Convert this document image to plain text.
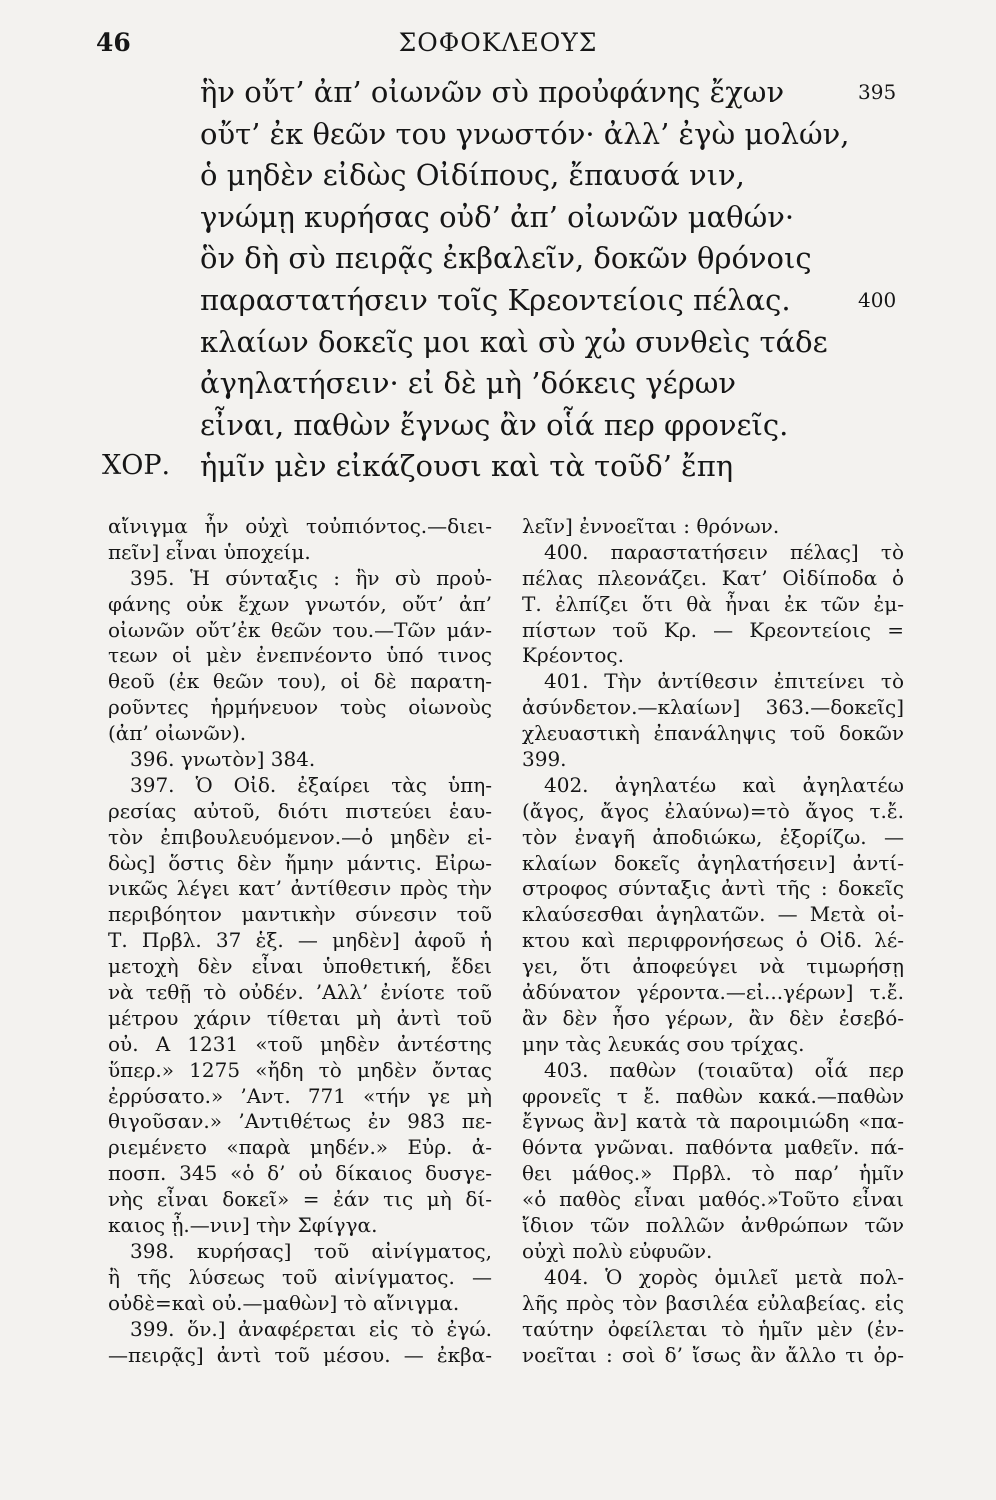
46	ΣΟΦΟΚΛΕΟΥΣ
ἣν οὔτ’ ἀπ’ οἰωνῶν σὺ προὐφάνης ἔχων	395
οὔτ’ ἐκ θεῶν του γνωστόν· ἀλλ’ ἐγὼ μολών,
ὁ μηδὲν εἰδὼς Οἰδίπους, ἔπαυσά νιν,
γνώμῃ κυρήσας οὐδ’ ἀπ’ οἰωνῶν μαθών·
ὃν δὴ σὺ πειρᾷς ἐκβαλεῖν, δοκῶν θρόνοις
παραστατήσειν τοῖς Κρεοντείοις πέλας.	400
κλαίων δοκεῖς μοι καὶ σὺ χὠ συνθεὶς τάδε
ἀγηλατήσειν· εἰ δὲ μὴ ’δόκεις γέρων
εἶναι, παθὼν ἔγνως ἂν οἷά περ φρονεῖς.
ἡμῖν μὲν εἰκάζουσι καὶ τὰ τοῦδ’ ἔπη
ΧΟΡ.
αἴνιγμα ἦν οὐχὶ τοὐπιόντος.—διει-
πεῖν] εἶναι ὑποχείμ.
395. Ἡ σύνταξις : ἣν σὺ προὐ-
φάνης οὐκ ἔχων γνωτόν, οὔτ’ ἀπ’
οἰωνῶν οὔτ’ἐκ θεῶν του.—Τῶν μάν-
τεων οἱ μὲν ἐνεπνέοντο ὑπό τινος
θεοῦ (ἐκ θεῶν του), οἱ δὲ παρατη-
ροῦντες ἡρμήνευον τοὺς οἰωνοὺς
(ἀπ’ οἰωνῶν).
396. γνωτὸν] 384.
397. Ὁ Οἰδ. ἐξαίρει τὰς ὑπη-
ρεσίας αὐτοῦ, διότι πιστεύει ἑαυ-
τὸν ἐπιβουλευόμενον.—ὁ μηδὲν εἰ-
δὼς] ὅστις δὲν ἤμην μάντις. Εἰρω-
νικῶς λέγει κατ’ ἀντίθεσιν πρὸς τὴν
περιβόητον μαντικὴν σύνεσιν τοῦ
Τ. Πρβλ. 37 ἑξ. — μηδὲν] ἀφοῦ ἡ
μετοχὴ δὲν εἶναι ὑποθετική, ἔδει
νὰ τεθῇ τὸ οὐδέν. ’Αλλ’ ἐνίοτε τοῦ
μέτρου χάριν τίθεται μὴ ἀντὶ τοῦ
οὐ. Α 1231 «τοῦ μηδὲν ἀντέστης
ὕπερ.» 1275 «ἤδη τὸ μηδὲν ὄντας
ἐρρύσατο.» ’Αντ. 771 «τήν γε μὴ
θιγοῦσαν.» ’Αντιθέτως ἐν 983 πε-
ριεμένετο «παρὰ μηδέν.» Εὐρ. ἀ-
ποσπ. 345 «ὁ δ’ οὐ δίκαιος δυσγε-
νὴς εἶναι δοκεῖ» = ἐάν τις μὴ δί-
καιος ᾖ.—νιν] τὴν Σφίγγα.
398. κυρήσας] τοῦ αἰνίγματος,
ἢ τῆς λύσεως τοῦ αἰνίγματος. —
οὐδὲ=καὶ οὐ.—μαθὼν] τὸ αἴνιγμα.
399. ὅν.] ἀναφέρεται εἰς τὸ ἐγώ.
—πειρᾷς] ἀντὶ τοῦ μέσου. — ἐκβα-
λεῖν] ἐννοεῖται : θρόνων.
400. παραστατήσειν πέλας] τὸ
πέλας πλεονάζει. Κατ’ Οἰδίποδα ὁ
Τ. ἐλπίζει ὅτι θὰ ἦναι ἐκ τῶν ἐμ-
πίστων τοῦ Κρ. — Κρεοντείοις =
Κρέοντος.
401. Τὴν ἀντίθεσιν ἐπιτείνει τὸ
ἀσύνδετον.—κλαίων] 363.—δοκεῖς]
χλευαστικὴ ἐπανάληψις τοῦ δοκῶν
399.
402. ἀγηλατέω καὶ ἀγηλατέω
(ἄγος, ἄγος ἐλαύνω)=τὸ ἄγος τ.ἔ.
τὸν ἐναγῆ ἀποδιώκω, ἐξορίζω. —
κλαίων δοκεῖς ἀγηλατήσειν] ἀντί-
στροφος σύνταξις ἀντὶ τῆς : δοκεῖς
κλαύσεσθαι ἀγηλατῶν. — Μετὰ οἰ-
κτου καὶ περιφρονήσεως ὁ Οἰδ. λέ-
γει, ὅτι ἀποφεύγει νὰ τιμωρήσῃ
ἀδύνατον γέροντα.—εἰ...γέρων] τ.ἔ.
ἂν δὲν ἦσο γέρων, ἂν δὲν ἐσεβό-
μην τὰς λευκάς σου τρίχας.
403. παθὼν (τοιαῦτα) οἷά περ
φρονεῖς τ ἔ. παθὼν κακά.—παθὼν
ἔγνως ἂν] κατὰ τὰ παροιμιώδη «πα-
θόντα γνῶναι. παθόντα μαθεῖν. πά-
θει μάθος.» Πρβλ. τὸ παρ’ ἡμῖν
«ὁ παθὸς εἶναι μαθός.»Τοῦτο εἶναι
ἴδιον τῶν πολλῶν ἀνθρώπων τῶν
οὐχὶ πολὺ εὐφυῶν.
404. Ὁ χορὸς ὁμιλεῖ μετὰ πολ-
λῆς πρὸς τὸν βασιλέα εὐλαβείας. εἰς
ταύτην ὀφείλεται τὸ ἡμῖν μὲν (ἐν-
νοεῖται : σοὶ δ’ ἴσως ἂν ἄλλο τι ὀρ-
